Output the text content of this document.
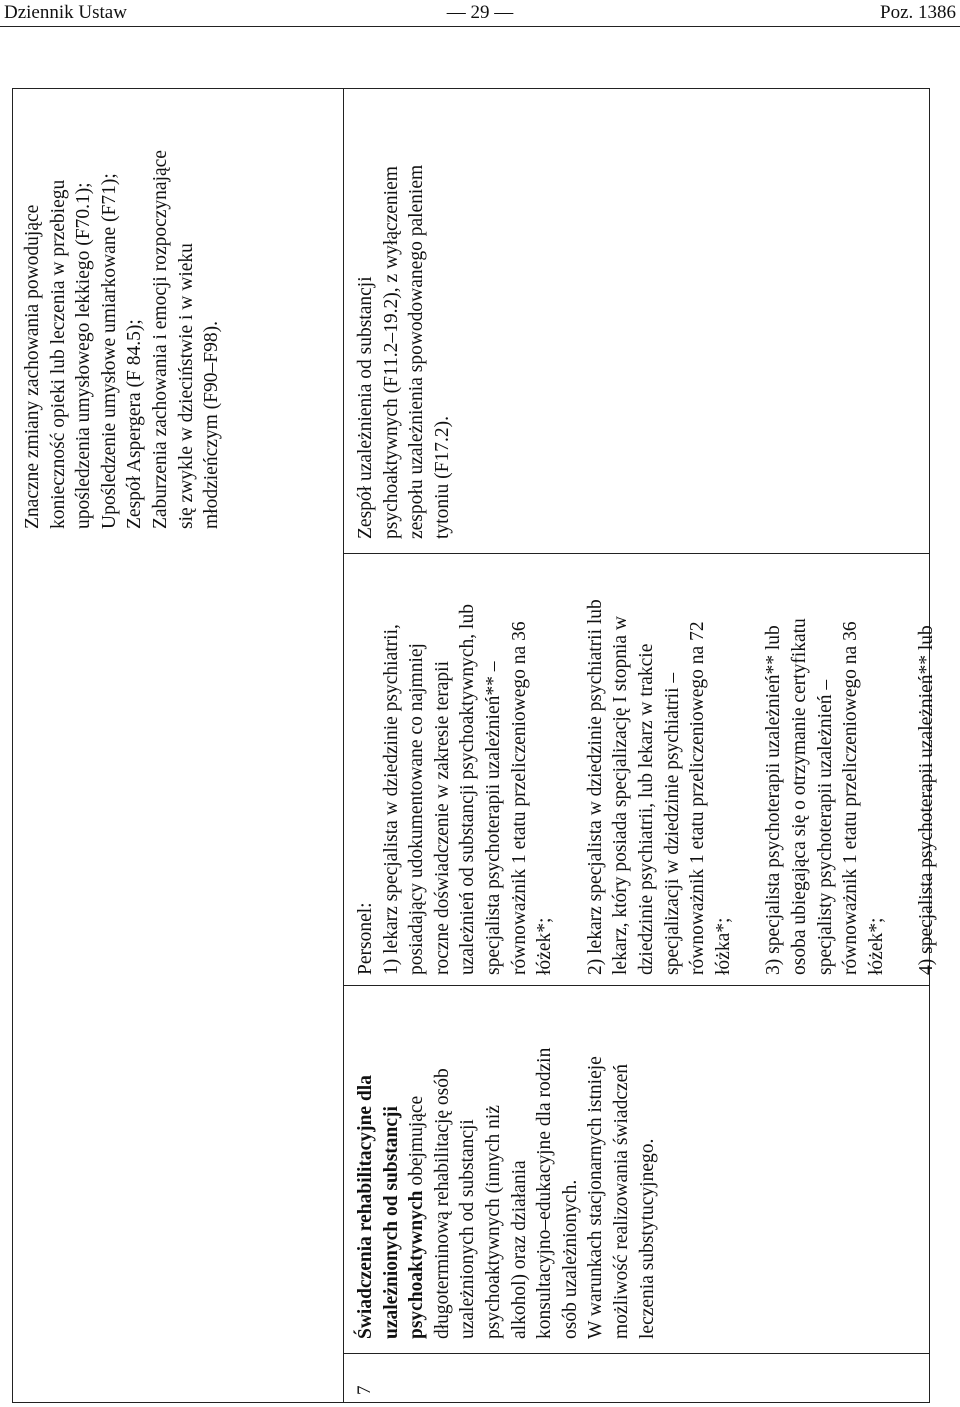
Dziennik Ustaw	— 29 —	Poz. 1386

Znaczne zmiany zachowania powodujące konieczność opieki lub leczenia w przebiegu upośledzenia umysłowego lekkiego (F70.1); Upośledzenie umysłowe umiarkowane (F71); Zespół Aspergera (F 84.5); Zaburzenia zachowania i emocji rozpoczynające się zwykle w dzieciństwie i w wieku młodzieńczym (F90–F98).

7

Świadczenia rehabilitacyjne dla uzależnionych od substancji psychoaktywnych obejmujące długoterminową rehabilitację osób uzależnionych od substancji psychoaktywnych (innych niż alkohol) oraz działania konsultacyjno–edukacyjne dla rodzin osób uzależnionych. W warunkach stacjonarnych istnieje możliwość realizowania świadczeń leczenia substytucyjnego.

Personel: 1) lekarz specjalista w dziedzinie psychiatrii, posiadający udokumentowane co najmniej roczne doświadczenie w zakresie terapii uzależnień od substancji psychoaktywnych, lub specjalista psychoterapii uzależnień** – równoważnik 1 etatu przeliczeniowego na 36 łóżek*; 2) lekarz specjalista w dziedzinie psychiatrii lub lekarz, który posiada specjalizację I stopnia w dziedzinie psychiatrii, lub lekarz w trakcie specjalizacji w dziedzinie psychiatrii – równoważnik 1 etatu przeliczeniowego na 72 łóżka*; 3) specjalista psychoterapii uzależnień** lub osoba ubiegająca się o otrzymanie certyfikatu specjalisty psychoterapii uzależnień – równoważnik 1 etatu przeliczeniowego na 36 łóżek*; 4) specjalista psychoterapii uzależnień** lub

Zespół uzależnienia od substancji psychoaktywnych (F11.2–19.2), z wyłączeniem zespołu uzależnienia spowodowanego paleniem tytoniu (F17.2).
